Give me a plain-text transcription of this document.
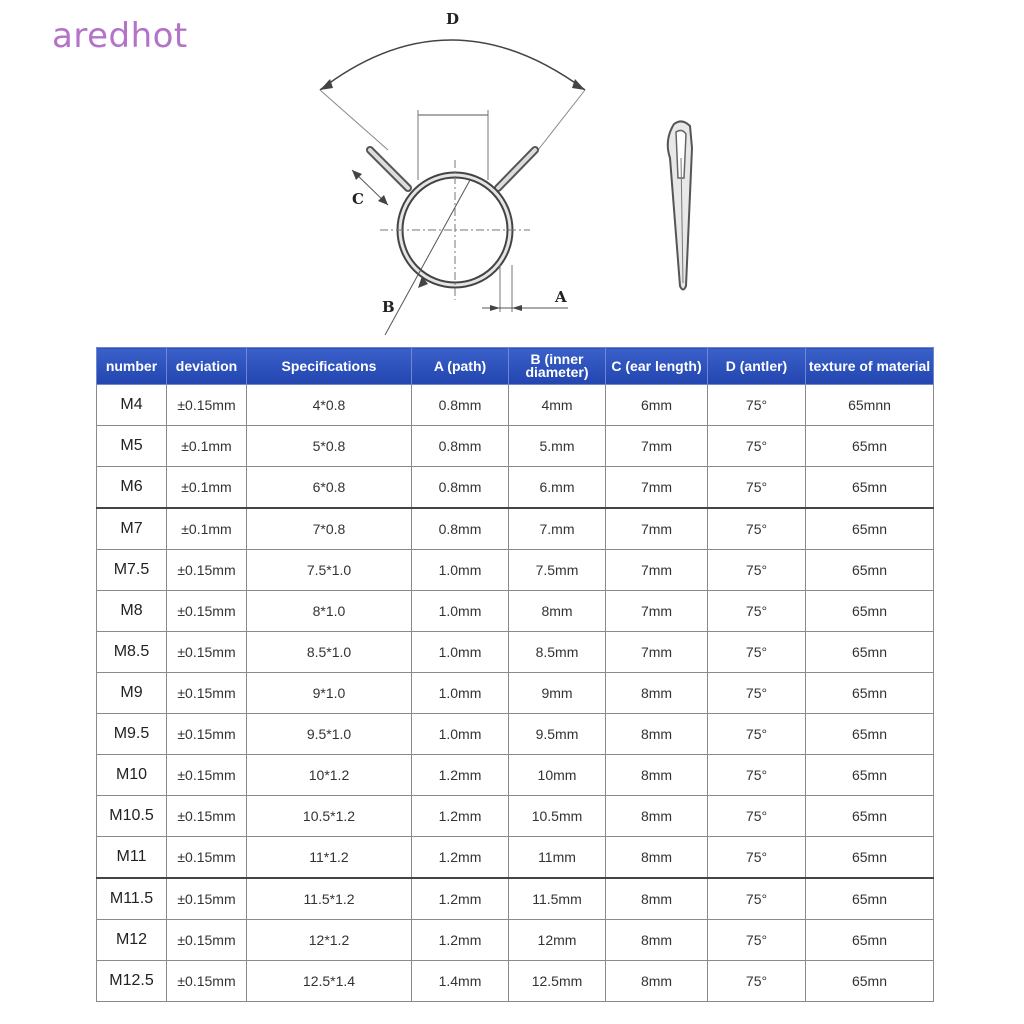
aredhot	D
C
B
A
number	deviation	Specifications	A (path)	B (inner diameter)	C (ear length)	D (antler)	texture of material
M4	±0.15mm	4*0.8	0.8mm	4mm	6mm	75°	65mnn
M5	±0.1mm	5*0.8	0.8mm	5.mm	7mm	75°	65mn
M6	±0.1mm	6*0.8	0.8mm	6.mm	7mm	75°	65mn
M7	±0.1mm	7*0.8	0.8mm	7.mm	7mm	75°	65mn
M7.5	±0.15mm	7.5*1.0	1.0mm	7.5mm	7mm	75°	65mn
M8	±0.15mm	8*1.0	1.0mm	8mm	7mm	75°	65mn
M8.5	±0.15mm	8.5*1.0	1.0mm	8.5mm	7mm	75°	65mn
M9	±0.15mm	9*1.0	1.0mm	9mm	8mm	75°	65mn
M9.5	±0.15mm	9.5*1.0	1.0mm	9.5mm	8mm	75°	65mn
M10	±0.15mm	10*1.2	1.2mm	10mm	8mm	75°	65mn
M10.5	±0.15mm	10.5*1.2	1.2mm	10.5mm	8mm	75°	65mn
M11	±0.15mm	11*1.2	1.2mm	11mm	8mm	75°	65mn
M11.5	±0.15mm	11.5*1.2	1.2mm	11.5mm	8mm	75°	65mn
M12	±0.15mm	12*1.2	1.2mm	12mm	8mm	75°	65mn
M12.5	±0.15mm	12.5*1.4	1.4mm	12.5mm	8mm	75°	65mn
